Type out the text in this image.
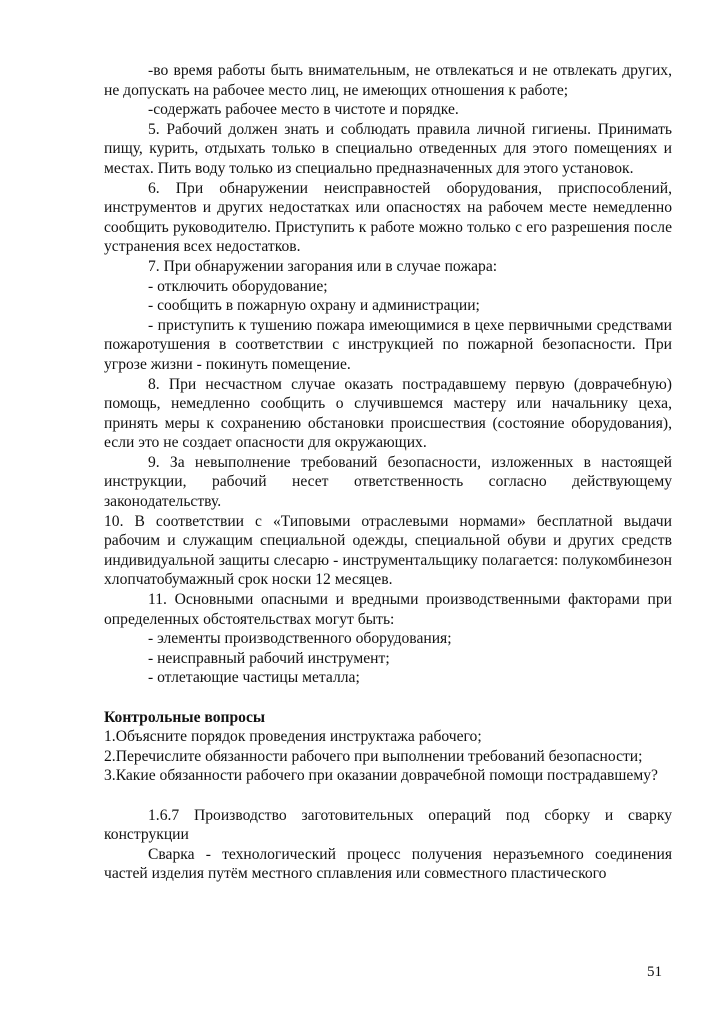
-во время работы быть внимательным, не отвлекаться и не отвлекать других, не допускать на рабочее место лиц, не имеющих отношения к работе;

-содержать рабочее место в чистоте и порядке.

5. Рабочий должен знать и соблюдать правила личной гигиены. Принимать пищу, курить, отдыхать только в специально отведенных для этого помещениях и местах. Пить воду только из специально предназначенных для этого установок.

6. При обнаружении неисправностей оборудования, приспособлений, инструментов и других недостатках или опасностях на рабочем месте немедленно сообщить руководителю. Приступить к работе можно только с его разрешения после устранения всех недостатков.

7. При обнаружении загорания или в случае пожара:

- отключить оборудование;

- сообщить в пожарную охрану и администрации;

- приступить к тушению пожара имеющимися в цехе первичными средствами пожаротушения в соответствии с инструкцией по пожарной безопасности. При угрозе жизни - покинуть помещение.

8. При несчастном случае оказать пострадавшему первую (доврачебную) помощь, немедленно сообщить о случившемся мастеру или начальнику цеха, принять меры к сохранению обстановки происшествия (состояние оборудования), если это не создает опасности для окружающих.

9. За невыполнение требований безопасности, изложенных в настоящей инструкции, рабочий несет ответственность согласно действующему законодательству.

10. В соответствии с «Типовыми отраслевыми нормами» бесплатной выдачи рабочим и служащим специальной одежды, специальной обуви и других средств индивидуальной защиты слесарю - инструментальщику полагается: полукомбинезон хлопчатобумажный срок носки 12 месяцев.

11. Основными опасными и вредными производственными факторами при определенных обстоятельствах могут быть:

- элементы производственного оборудования;

- неисправный рабочий инструмент;

- отлетающие частицы металла;

Контрольные вопросы

1.Объясните порядок проведения инструктажа рабочего;

2.Перечислите обязанности рабочего при выполнении требований безопасности;

3.Какие обязанности рабочего при оказании доврачебной помощи пострадавшему?

1.6.7 Производство заготовительных операций под сборку и сварку конструкции

Сварка - технологический процесс получения неразъемного соединения частей изделия путём местного сплавления или совместного пластического

51
